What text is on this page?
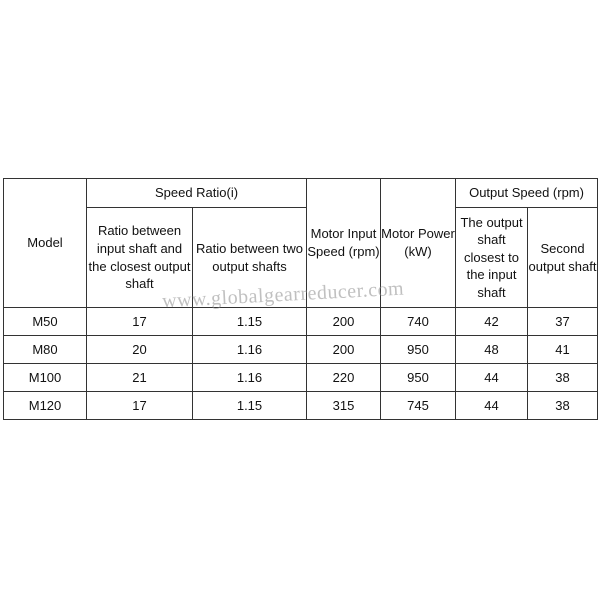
Model	Speed Ratio(i)		Motor Input Speed (rpm)	Motor Power (kW)	Output Speed (rpm)	
	Ratio between input shaft and the closest output shaft	Ratio between two output shafts			The output shaft closest to the input shaft	Second output shaft
M50	17	1.15	200	740	42	37
M80	20	1.16	200	950	48	41
M100	21	1.16	220	950	44	38
M120	17	1.15	315	745	44	38
www.globalgearreducer.com
